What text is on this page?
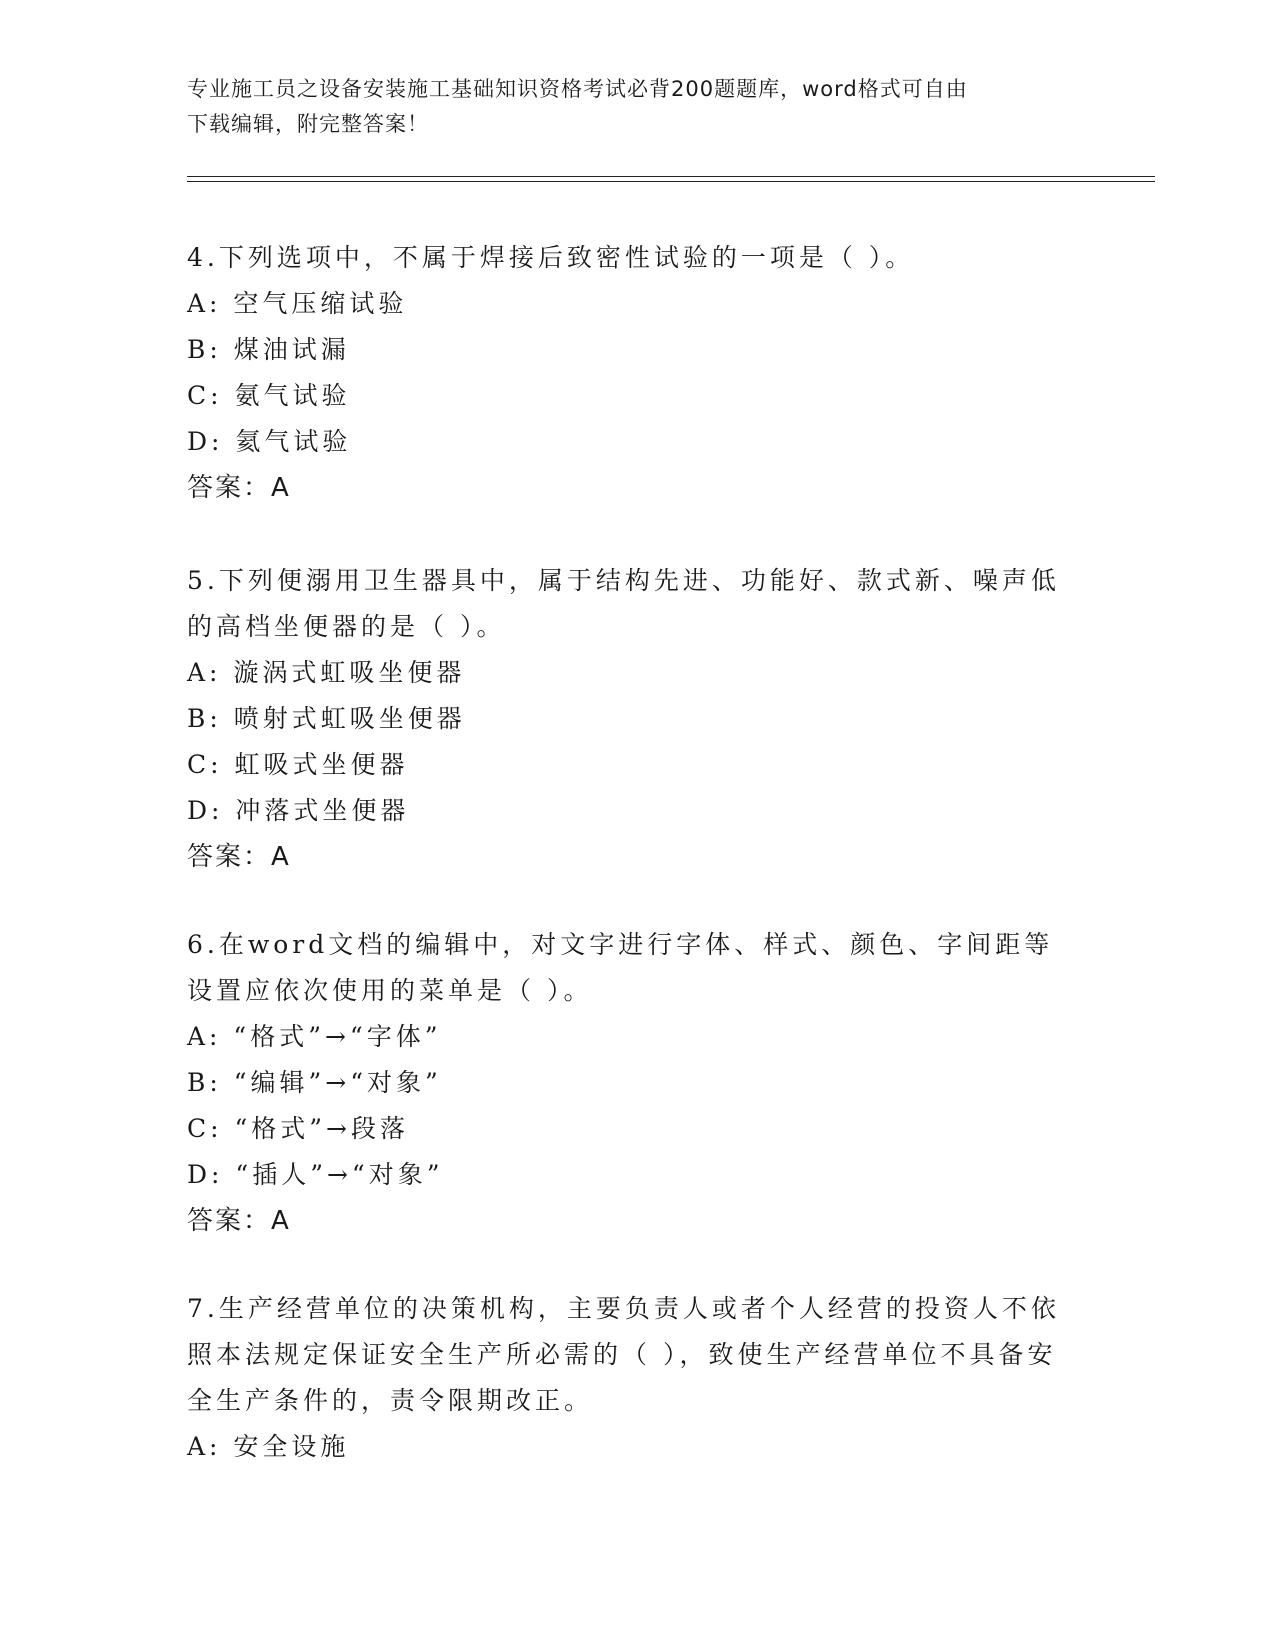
专业施工员之设备安装施工基础知识资格考试必背200题题库，word格式可自由
下载编辑，附完整答案！

4.下列选项中，不属于焊接后致密性试验的一项是（ ）。

A: 空气压缩试验

B: 煤油试漏

C: 氨气试验

D: 氦气试验

答案：A

5.下列便溺用卫生器具中，属于结构先进、功能好、款式新、噪声低的高档坐便器的是（ ）。

A: 漩涡式虹吸坐便器

B: 喷射式虹吸坐便器

C: 虹吸式坐便器

D: 冲落式坐便器

答案：A

6.在word文档的编辑中，对文字进行字体、样式、颜色、字间距等设置应依次使用的菜单是（ ）。

A: “格式”→“字体”

B: “编辑”→“对象”

C: “格式”→段落

D: “插人”→“对象”

答案：A

7.生产经营单位的决策机构，主要负责人或者个人经营的投资人不依照本法规定保证安全生产所必需的（ ），致使生产经营单位不具备安全生产条件的，责令限期改正。

A: 安全设施
